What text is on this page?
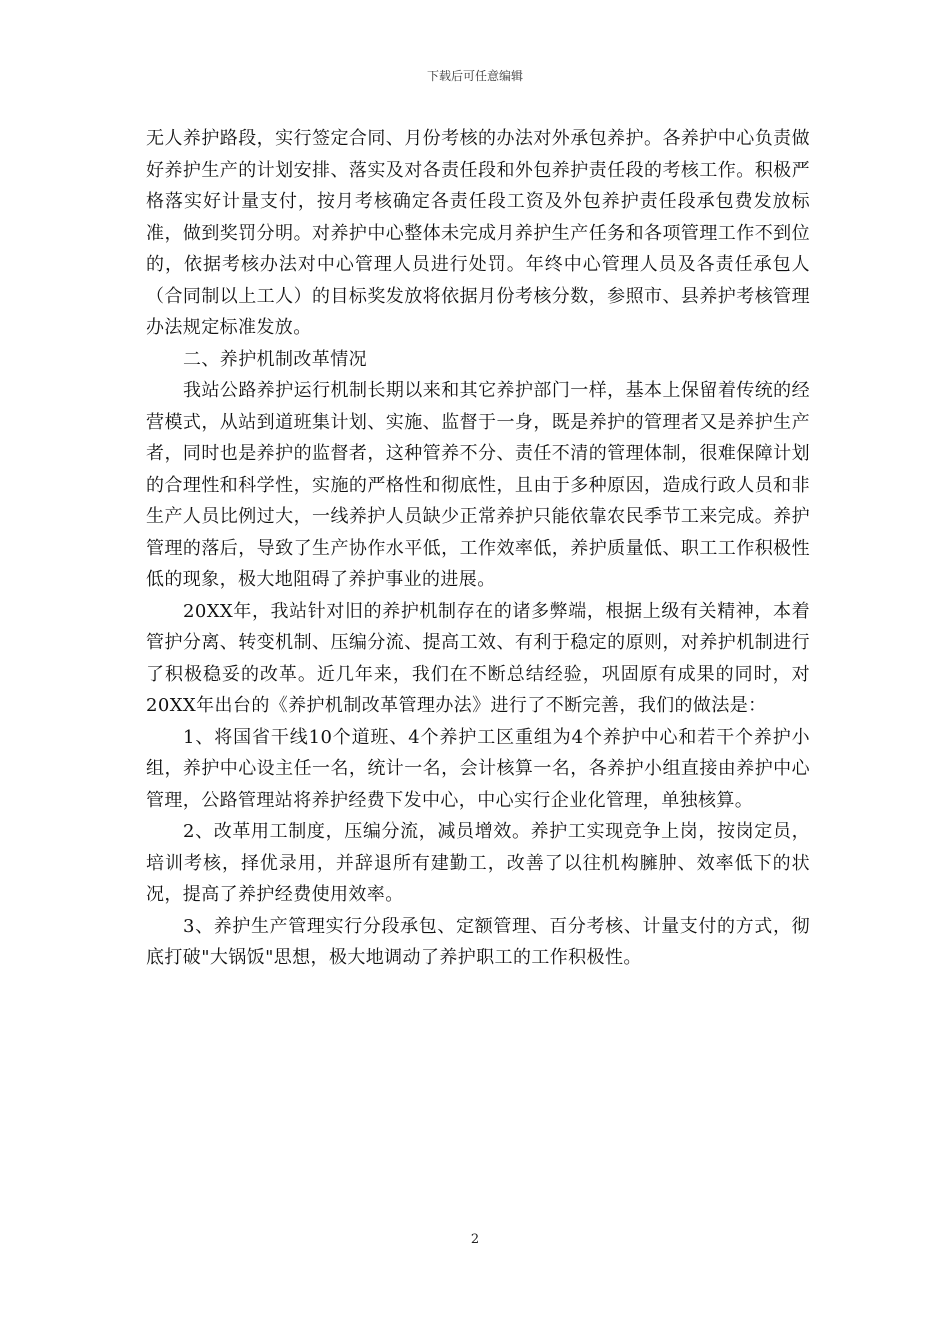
下载后可任意编辑

无人养护路段，实行签定合同、月份考核的办法对外承包养护。各养护中心负责做好养护生产的计划安排、落实及对各责任段和外包养护责任段的考核工作。积极严格落实好计量支付，按月考核确定各责任段工资及外包养护责任段承包费发放标准，做到奖罚分明。对养护中心整体未完成月养护生产任务和各项管理工作不到位的，依据考核办法对中心管理人员进行处罚。年终中心管理人员及各责任承包人（合同制以上工人）的目标奖发放将依据月份考核分数，参照市、县养护考核管理办法规定标准发放。

二、养护机制改革情况

我站公路养护运行机制长期以来和其它养护部门一样，基本上保留着传统的经营模式，从站到道班集计划、实施、监督于一身，既是养护的管理者又是养护生产者，同时也是养护的监督者，这种管养不分、责任不清的管理体制，很难保障计划的合理性和科学性，实施的严格性和彻底性，且由于多种原因，造成行政人员和非生产人员比例过大，一线养护人员缺少正常养护只能依靠农民季节工来完成。养护管理的落后，导致了生产协作水平低，工作效率低，养护质量低、职工工作积极性低的现象，极大地阻碍了养护事业的进展。

20XX年，我站针对旧的养护机制存在的诸多弊端，根据上级有关精神，本着管护分离、转变机制、压编分流、提高工效、有利于稳定的原则，对养护机制进行了积极稳妥的改革。近几年来，我们在不断总结经验，巩固原有成果的同时，对20XX年出台的《养护机制改革管理办法》进行了不断完善，我们的做法是：

1、将国省干线10个道班、4个养护工区重组为4个养护中心和若干个养护小组，养护中心设主任一名，统计一名，会计核算一名，各养护小组直接由养护中心管理，公路管理站将养护经费下发中心，中心实行企业化管理，单独核算。

2、改革用工制度，压编分流，减员增效。养护工实现竞争上岗，按岗定员，培训考核，择优录用，并辞退所有建勤工，改善了以往机构臃肿、效率低下的状况，提高了养护经费使用效率。

3、养护生产管理实行分段承包、定额管理、百分考核、计量支付的方式，彻底打破"大锅饭"思想，极大地调动了养护职工的工作积极性。

2
